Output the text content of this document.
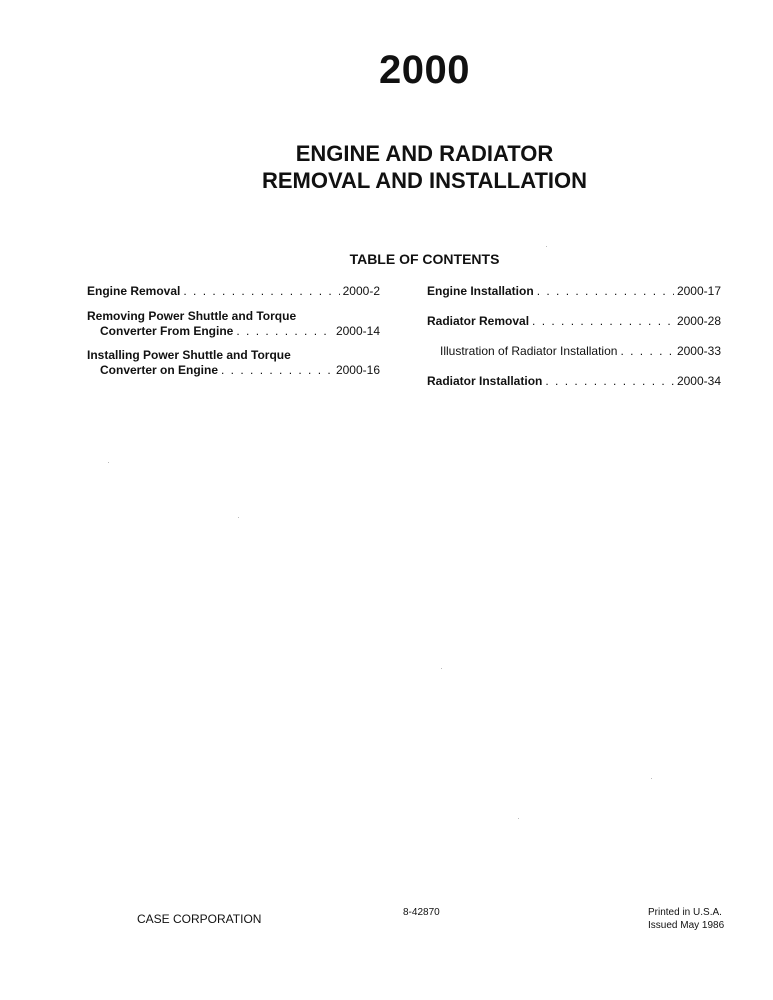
2000
ENGINE AND RADIATOR
REMOVAL AND INSTALLATION
TABLE OF CONTENTS
Engine Removal . . .	2000-2
Removing Power Shuttle and Torque
Converter From Engine . . .	2000-14
Installing Power Shuttle and Torque
Converter on Engine . . .	2000-16
Engine Installation . . .	2000-17
Radiator Removal . . .	2000-28
Illustration of Radiator Installation . . .	2000-33
Radiator Installation . . .	2000-34
CASE CORPORATION	8-42870	Printed in U.S.A.
Issued May 1986
